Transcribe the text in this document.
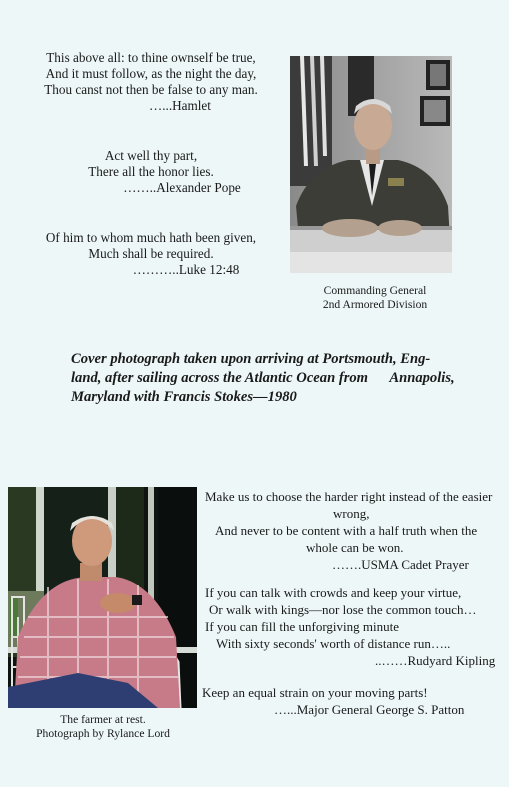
This above all: to thine ownself be true,
And it must follow, as the night the day,
Thou canst not then be false to any man.
…...Hamlet
Act well thy part,
There all the honor lies.
……..Alexander Pope
Of him to whom much hath been given,
Much shall be required.
………..Luke 12:48
Commanding General
2nd Armored Division
Cover photograph taken upon arriving at Portsmouth, Eng-
land, after sailing across the Atlantic Ocean from      Annapolis,
Maryland with Francis Stokes—1980
The farmer at rest.
Photograph by Rylance Lord
Make us to choose the harder right instead of the easier
wrong,
And never to be content with a half truth when the
whole can be won.
…….USMA Cadet Prayer
If you can talk with crowds and keep your virtue,
Or walk with kings—nor lose the common touch…
If you can fill the unforgiving minute
With sixty seconds' worth of distance run…..
..……Rudyard Kipling
Keep an equal strain on your moving parts!
…...Major General George S. Patton
